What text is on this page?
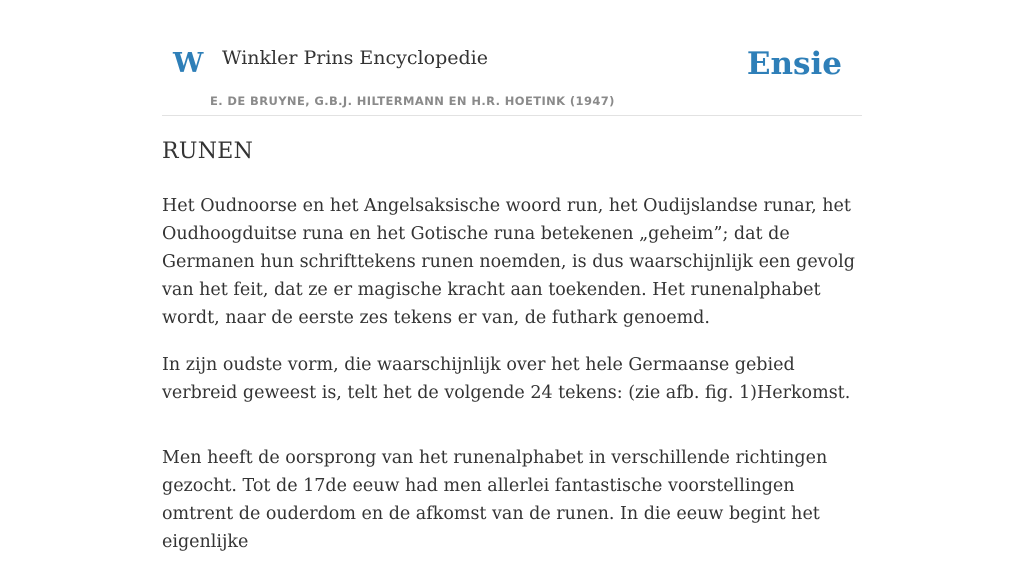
W Winkler Prins Encyclopedie
E. DE BRUYNE, G.B.J. HILTERMANN EN H.R. HOETINK (1947)
Ensie
RUNEN

Het Oudnoorse en het Angelsaksische woord run, het Oudijslandse runar, het Oudhoogduitse runa en het Gotische runa betekenen „geheim”; dat de Germanen hun schrifttekens runen noemden, is dus waarschijnlijk een gevolg van het feit, dat ze er magische kracht aan toekenden. Het runenalphabet wordt, naar de eerste zes tekens er van, de futhark genoemd.

In zijn oudste vorm, die waarschijnlijk over het hele Germaanse gebied verbreid geweest is, telt het de volgende 24 tekens: (zie afb. fig. 1)Herkomst.

Men heeft de oorsprong van het runenalphabet in verschillende richtingen gezocht. Tot de 17de eeuw had men allerlei fantastische voorstellingen omtrent de ouderdom en de afkomst van de runen. In die eeuw begint het eigenlijke
